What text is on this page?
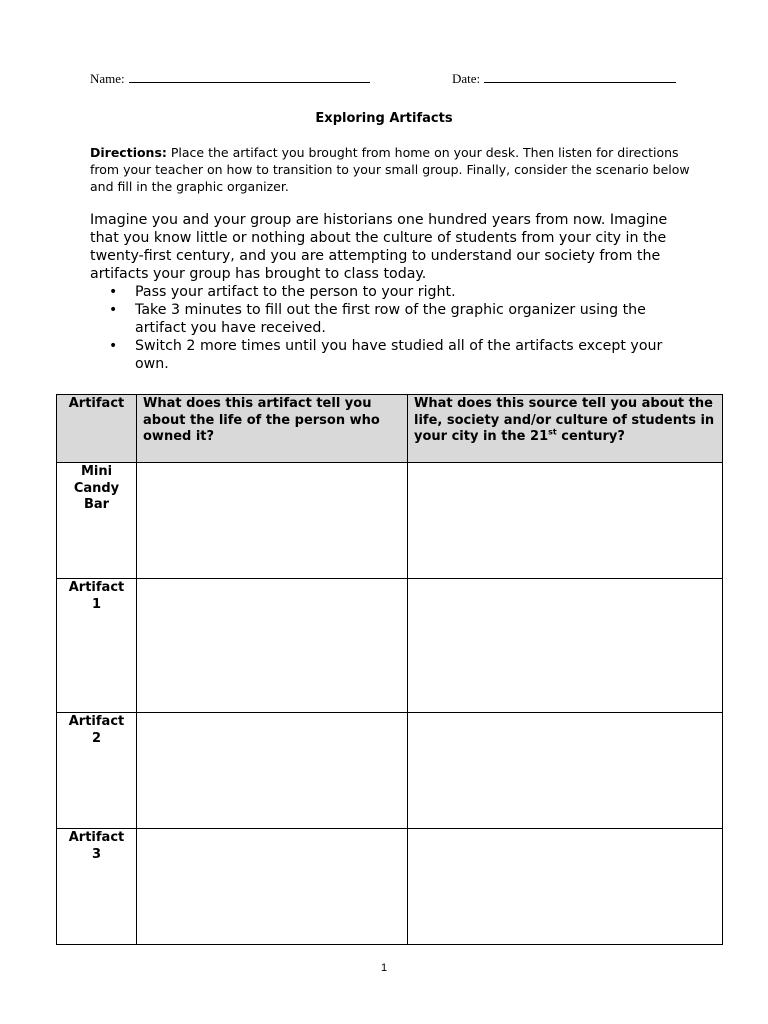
Name:	Date:
Exploring Artifacts
Directions: Place the artifact you brought from home on your desk. Then listen for directions from your teacher on how to transition to your small group. Finally, consider the scenario below and fill in the graphic organizer.
Imagine you and your group are historians one hundred years from now. Imagine that you know little or nothing about the culture of students from your city in the twenty-first century, and you are attempting to understand our society from the artifacts your group has brought to class today.
• Pass your artifact to the person to your right.
• Take 3 minutes to fill out the first row of the graphic organizer using the artifact you have received.
• Switch 2 more times until you have studied all of the artifacts except your own.
Artifact	What does this artifact tell you about the life of the person who owned it?	What does this source tell you about the life, society and/or culture of students in your city in the 21st century?
Mini Candy Bar		
Artifact 1		
Artifact 2		
Artifact 3		
1
